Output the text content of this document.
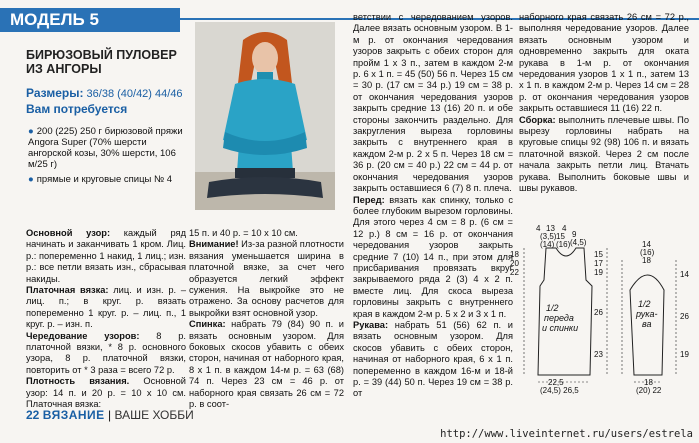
МОДЕЛЬ 5
БИРЮЗОВЫЙ ПУЛОВЕР ИЗ АНГОРЫ
Размеры: 36/38 (40/42) 44/46
Вам потребуется
● 200 (225) 250 г бирюзовой пряжи Angora Super (70% шерсти ангорской козы, 30% шерсти, 106 м/25 г)
● прямые и круговые спицы № 4

Основной узор: каждый ряд начинать и заканчивать 1 кром. Лиц. р.: попеременно 1 накид, 1 лиц.; изн. р.: все петли вязать изн., сбрасывая накиды.

Платочная вязка: лиц. и изн. р. – лиц. п.; в круг. р. вязать попеременно 1 круг. р. – лиц. п., 1 круг. р. – изн. п.

Чередование узоров: 8 р. платочной вязки, * 8 р. основного узора, 8 р. платочной вязки, повторить от * 3 раза = всего 72 р.

Плотность вязания. Основной узор: 14 п. и 20 р. = 10 х 10 см. Платочная вязка:

15 п. и 40 р. = 10 х 10 см.

Внимание! Из-за разной плотности вязания уменьшается ширина в платочной вязке, за счет чего образуется легкий эффект сужения. На выкройке это не отражено. За основу расчетов для выкройки взят основной узор.

Спинка: набрать 79 (84) 90 п. и вязать основным узором. Для боковых скосов убавить с обеих сторон, начиная от наборного края, 8 х 1 п. в каждом 14-м р. = 63 (68) 74 п. Через 23 см = 46 р. от наборного края связать 26 см = 72 р. в соот-

ветствии с чередованием узоров. Далее вязать основным узором. В 1-м р. от окончания чередования узоров закрыть с обеих сторон для пройм 1 х 3 п., затем в каждом 2-м р. 6 х 1 п. = 45 (50) 56 п. Через 15 см = 30 р. (17 см = 34 р.) 19 см = 38 р. от окончания чередования узоров закрыть средние 13 (16) 20 п. и обе стороны закончить раздельно. Для закругления выреза горловины закрыть с внутреннего края в каждом 2-м р. 2 х 5 п. Через 18 см = 36 р. (20 см = 40 р.) 22 см = 44 р. от окончания чередования узоров закрыть оставшиеся 6 (7) 8 п. плеча.

Перед: вязать как спинку, только с более глубоким вырезом горловины. Для этого через 4 см = 8 р. (6 см = 12 р.) 8 см = 16 р. от окончания чередования узоров закрыть средние 7 (10) 14 п., при этом для присбаривания провязать вкруг закрываемого ряда 2 (3) 4 х 2 п. вместе лиц. Для скоса выреза горловины закрыть с внутреннего края в каждом 2-м р. 5 х 2 и 3 х 1 п.

Рукава: набрать 51 (56) 62 п. и вязать основным узором. Для скосов убавить с обеих сторон, начиная от наборного края, 6 х 1 п. попеременно в каждом 16-м и 18-й р. = 39 (44) 50 п. Через 19 см = 38 р. от

наборного края связать 26 см = 72 р., выполняя чередование узоров. Далее вязать основным узором и одновременно закрыть для оката рукава в 1-м р. от окончания чередования узоров 1 х 1 п., затем 13 х 1 п. в каждом 2-м р. Через 14 см = 28 р. от окончания чередования узоров закрыть оставшиеся 11 (16) 22 п.

Сборка: выполнить плечевые швы. По вырезу горловины набрать на круговые спицы 92 (98) 106 п. и вязать платочной вязкой. Через 2 см после начала закрыть петли лиц. Втачать рукава. Выполнить боковые швы и швы рукавов.

4 13 4
(3,5) 15
(14) (16)
9
(4,5)
18
20
22
15
17
19
26
23
1/2
переда
и спинки
22,5
(24,5) 26,5
14
(16)
18
14
26
19
1/2
рука-
ва
18
(20) 22
22 ВЯЗАНИЕ | ВАШЕ ХОББИ
http://www.liveinternet.ru/users/estrela
